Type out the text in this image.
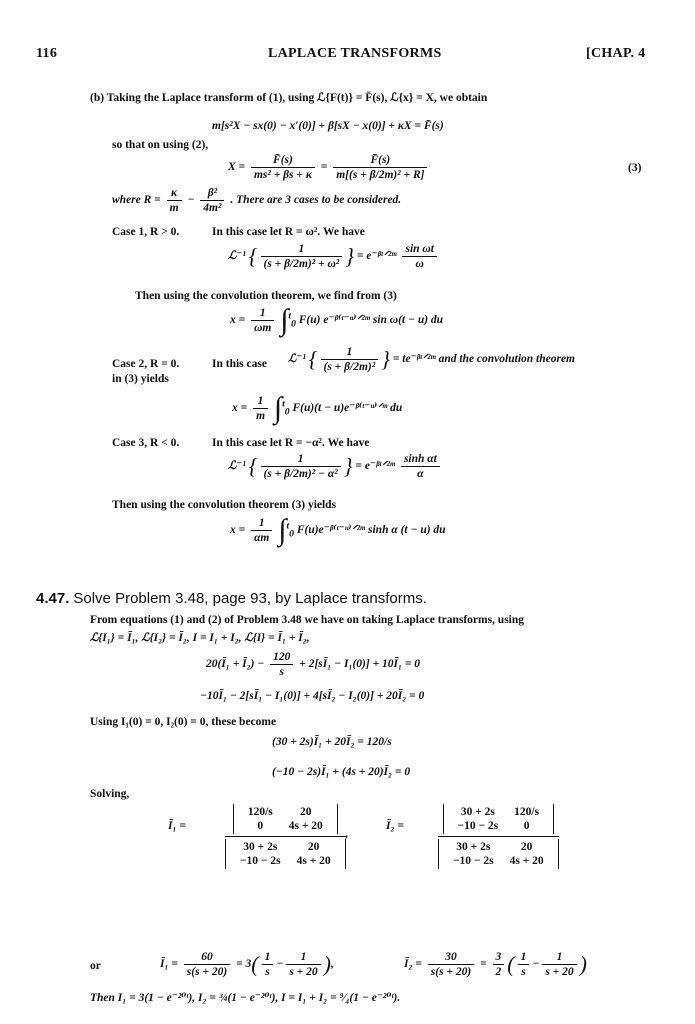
116	LAPLACE TRANSFORMS	[CHAP. 4
(b) Taking the Laplace transform of (1), using ℒ{F(t)} = F̄(s), ℒ{x} = X, we obtain
m[s²X − sx(0) − x′(0)] + β[sX − x(0)] + κX = F̄(s)
so that on using (2),
$X = \frac{F̄(s)}{\text{ms² + βs + κ}} = \frac{F̄(s)}{\text{m[(s + β/2m)² + R]}}$	(3)
where $R = \frac{\kappa}{m} - \frac{\text{β²}}{\text{4m²}}$ . There are 3 cases to be considered.
Case 1, R > 0.	In this case let R = ω². We have
ℒ⁻¹ { $\frac{1}{\text{(s + β/2m)² + ω²}}$ } = e⁻ᵝᵗᐟ²ᵐ $\frac{\text{sin ωt}}{\omega}$
Then using the convolution theorem, we find from (3)
$x = \frac{1}{\omega m} \int^t_0$ F(u) e⁻ᵝ⁽ᵗ⁻ᵘ⁾ᐟ²ᵐ sin ω(t − u) du
Case 2, R = 0.
in (3) yields
In this case ℒ⁻¹ { $\frac{1}{\text{(s + β/2m)²}}$ } = te⁻ᵝᵗᐟ²ᵐ and the convolution theorem
$x = \frac{1}{m} \int^t_0$ F(u)(t − u)e⁻ᵝ⁽ᵗ⁻ᵘ⁾ᐟᵐ du
Case 3, R < 0.	In this case let R = −α². We have
ℒ⁻¹ { $\frac{1}{\text{(s + β/2m)² − α²}}$ } = e⁻ᵝᵗᐟ²ᵐ $\frac{\text{sinh αt}}{\alpha}$
Then using the convolution theorem (3) yields
$x = \frac{1}{\alpha m} \int^t_0$ F(u)e⁻ᵝ⁽ᵗ⁻ᵘ⁾ᐟ²ᵐ sinh α (t − u) du
4.47. Solve Problem 3.48, page 93, by Laplace transforms.
From equations (1) and (2) of Problem 3.48 we have on taking Laplace transforms, using
ℒ{I₁} = Ī₁, ℒ{I₂} = Ī₂, I = I₁ + I₂, ℒ{I} = Ī₁ + Ī₂,
20(Ī₁ + Ī₂) − $\frac{120}{s}$ + 2[sĪ₁ − I₁(0)] + 10Ī₁ = 0
−10Ī₁ − 2[sĪ₁ − I₁(0)] + 4[sĪ₂ − I₂(0)] + 20Ī₂ = 0
Using I₁(0) = 0, I₂(0) = 0, these become
(30 + 2s)Ī₁ + 20Ī₂ = 120/s
(−10 − 2s)Ī₁ + (4s + 20)Ī₂ = 0
Solving,
Ī₁ =
120/s	20
0	4s + 20
30 + 2s	20
−10 − 2s	4s + 20
,
Ī₂ =
30 + 2s	120/s
−10 − 2s	0
30 + 2s	20
−10 − 2s	4s + 20
or	Ī₁ = $\frac{60}{s(s + 20)} = 3( \frac{1}{s} - \frac{1}{s + 20}$ ),	Ī₂ = $\frac{30}{s(s + 20)} = \frac{3}{2}$ ( $\frac{1}{s} - \frac{1}{s + 20}$ )
Then I₁ = 3(1 − e⁻²⁰ᵗ), I₂ = ¾(1 − e⁻²⁰ᵗ), I = I₁ + I₂ = ⁹⁄₄(1 − e⁻²⁰ᵗ).
